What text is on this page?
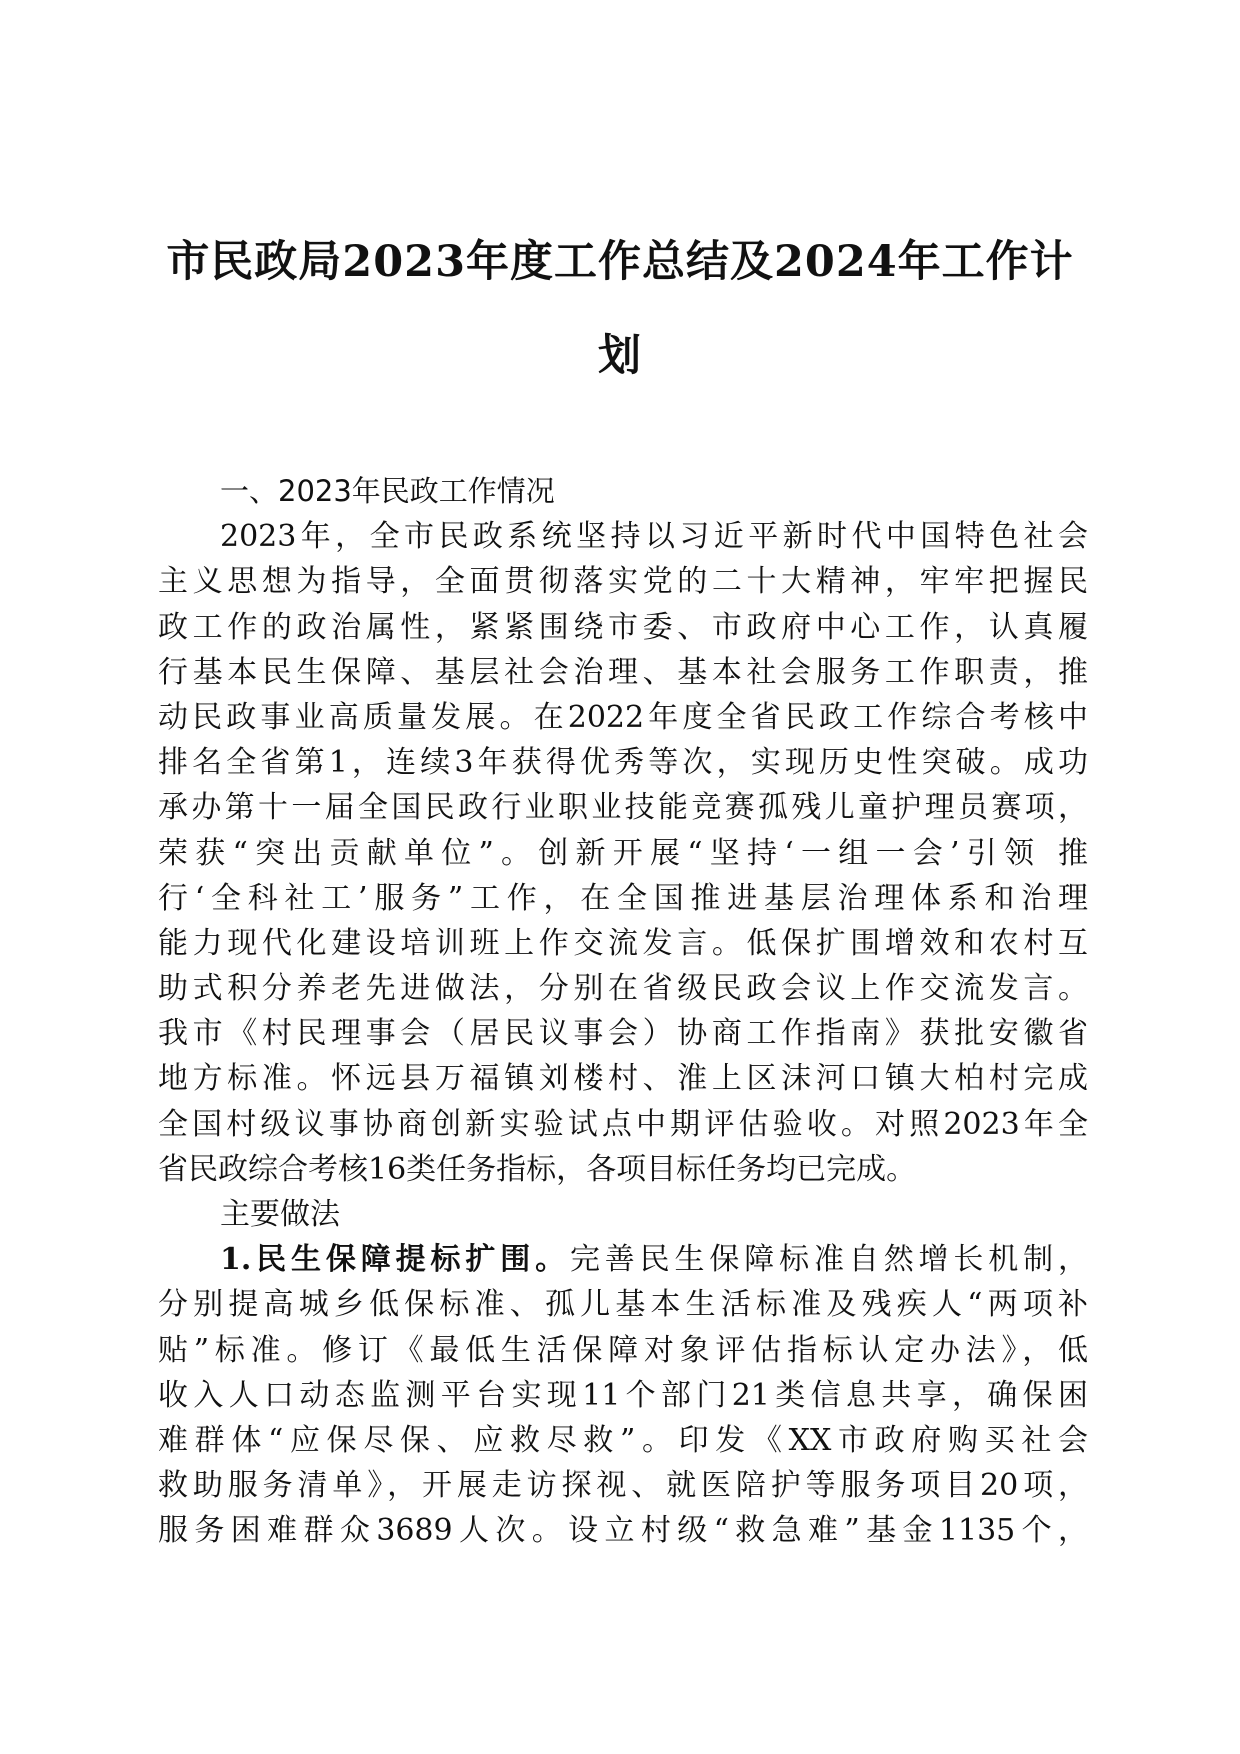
市民政局2023年度工作总结及2024年工作计
划
一、2023年民政工作情况
2023年，全市民政系统坚持以习近平新时代中国特色社会
主义思想为指导，全面贯彻落实党的二十大精神，牢牢把握民
政工作的政治属性，紧紧围绕市委、市政府中心工作，认真履
行基本民生保障、基层社会治理、基本社会服务工作职责，推
动民政事业高质量发展。在2022年度全省民政工作综合考核中
排名全省第1，连续3年获得优秀等次，实现历史性突破。成功
承办第十一届全国民政行业职业技能竞赛孤残儿童护理员赛项，
荣获“突出贡献单位”。创新开展“坚持‘一组一会’引领 推
行‘全科社工’服务”工作，在全国推进基层治理体系和治理
能力现代化建设培训班上作交流发言。低保扩围增效和农村互
助式积分养老先进做法，分别在省级民政会议上作交流发言。
我市《村民理事会（居民议事会）协商工作指南》获批安徽省
地方标准。怀远县万福镇刘楼村、淮上区沫河口镇大柏村完成
全国村级议事协商创新实验试点中期评估验收。对照2023年全
省民政综合考核16类任务指标，各项目标任务均已完成。
主要做法
1.民生保障提标扩围。完善民生保障标准自然增长机制，
分别提高城乡低保标准、孤儿基本生活标准及残疾人“两项补
贴”标准。修订《最低生活保障对象评估指标认定办法》，低
收入人口动态监测平台实现11个部门21类信息共享，确保困
难群体“应保尽保、应救尽救”。印发《XX市政府购买社会
救助服务清单》，开展走访探视、就医陪护等服务项目20项，
服务困难群众3689人次。设立村级“救急难”基金1135个，
